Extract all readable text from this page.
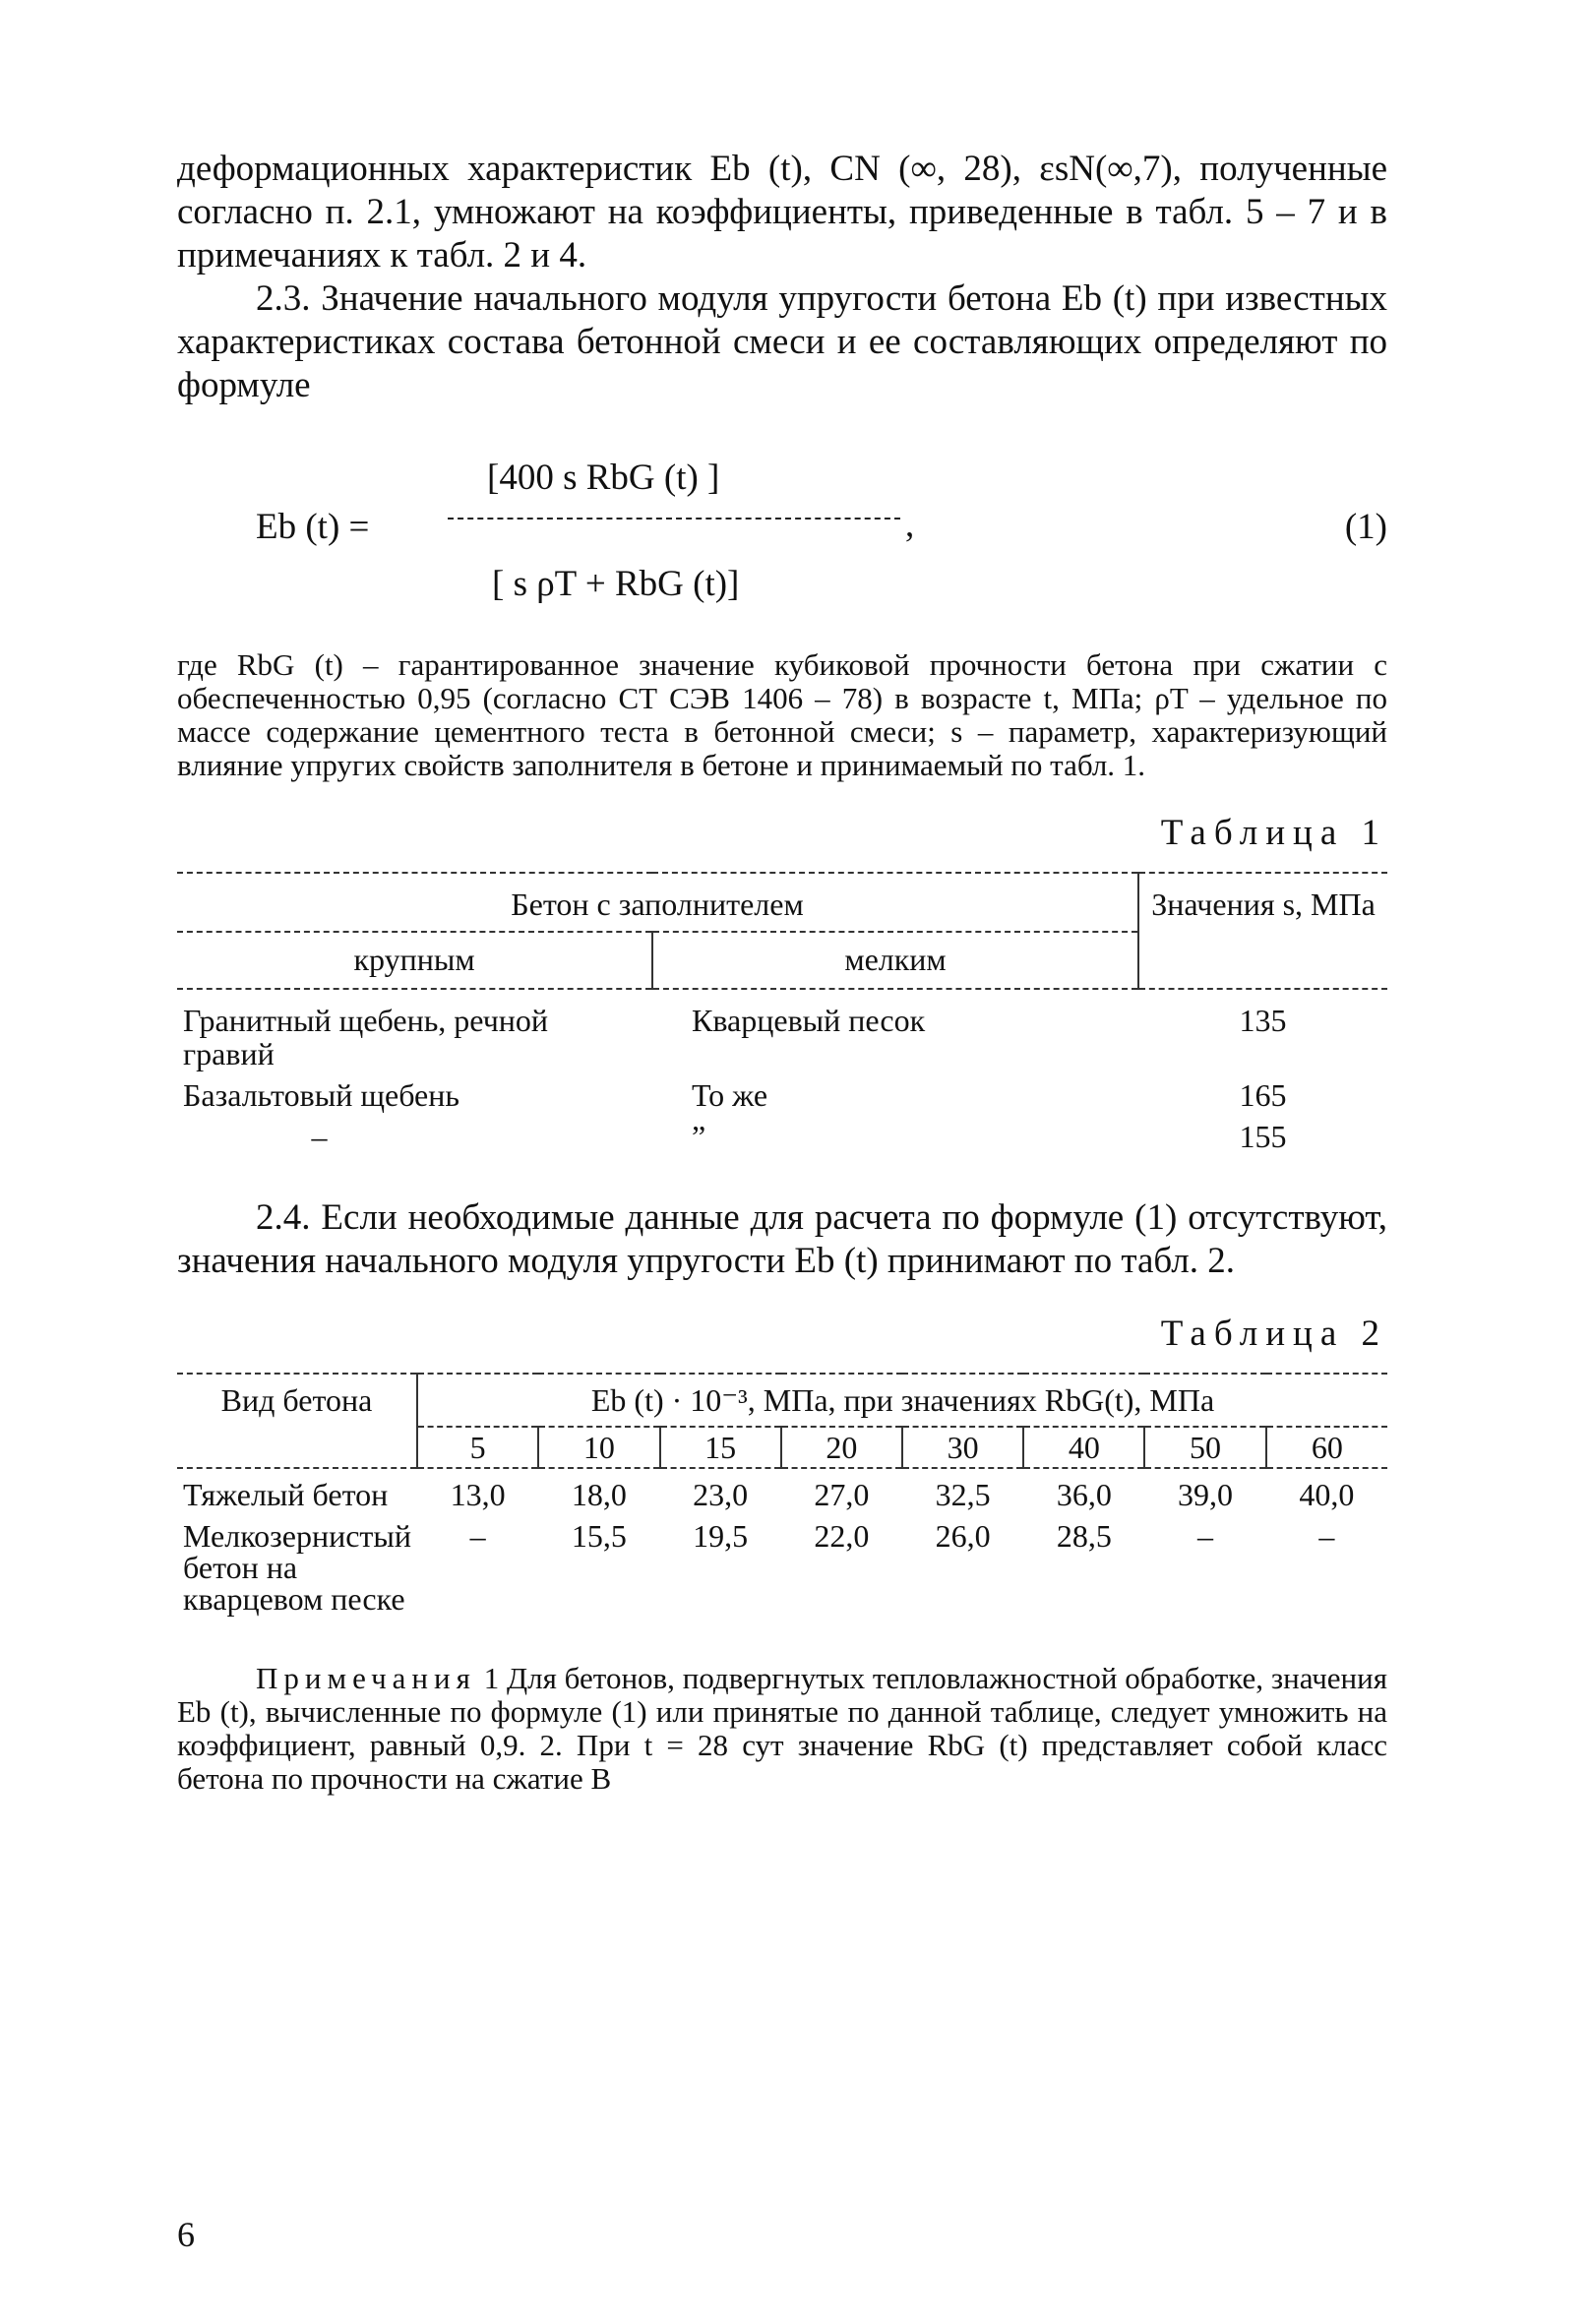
деформационных характеристик Eb (t), CN (∞, 28), εsN(∞,7), полученные согласно п. 2.1, умножают на коэффициенты, приведенные в табл. 5 – 7 и в примечаниях к табл. 2 и 4.

2.3. Значение начального модуля упругости бетона Eb (t) при известных характеристиках состава бетонной смеси и ее составляющих определяют по формуле

Eb (t) =
[400 s RbG (t) ]
,
[ s ρT + RbG (t)]
(1)

где RbG (t) – гарантированное значение кубиковой прочности бетона при сжатии с обеспеченностью 0,95 (согласно СТ СЭВ 1406 – 78) в возрасте t, МПа; ρT – удельное по массе содержание цементного теста в бетонной смеси; s – параметр, характеризующий влияние упругих свойств заполнителя в бетоне и принимаемый по табл. 1.

Таблица 1
Бетон с заполнителем		Значения s, МПа
крупным	мелким	
Гранитный щебень, речной гравий	Кварцевый песок	135
Базальтовый щебень	То же	165
–	”	155

2.4. Если необходимые данные для расчета по формуле (1) отсутствуют, значения начального модуля упругости Eb (t) принимают по табл. 2.

Таблица 2
Вид бетона	Eb (t) · 10⁻³, МПа, при значениях RbG(t), МПа							
	5	10	15	20	30	40	50	60
Тяжелый бетон	13,0	18,0	23,0	27,0	32,5	36,0	39,0	40,0
Мелкозернистый бетон на кварцевом песке	–	15,5	19,5	22,0	26,0	28,5	–	–

Примечания 1 Для бетонов, подвергнутых тепловлажностной обработке, значения Eb (t), вычисленные по формуле (1) или принятые по данной таблице, следует умножить на коэффициент, равный 0,9. 2. При t = 28 сут значение RbG (t) представляет собой класс бетона по прочности на сжатие В

6
